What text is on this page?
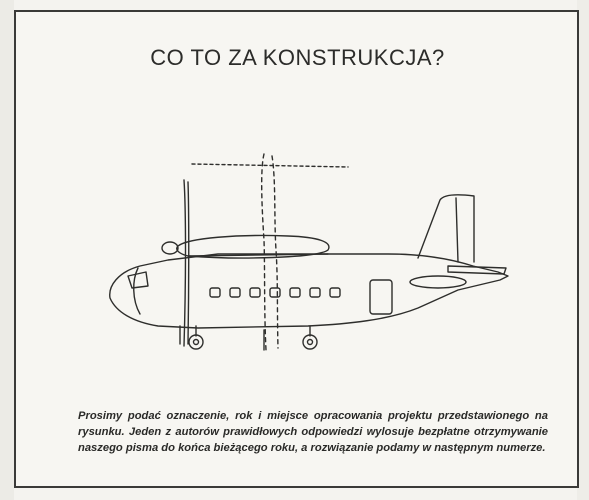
CO TO ZA KONSTRUKCJA?
Prosimy podać oznaczenie, rok i miejsce opracowania projektu przedstawionego na rysunku. Jeden z autorów prawidłowych odpowiedzi wylosuje bezpłatne otrzymywanie naszego pisma do końca bieżącego roku, a rozwiązanie podamy w następnym numerze.
